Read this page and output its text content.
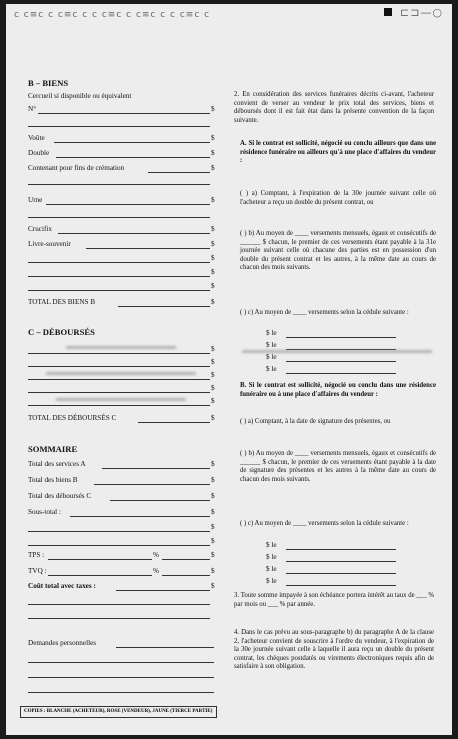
c c≡c c c≡c c c c≡c c c≡c c c c≡c c	⊏⊐—○
B – BIENS
Cercueil si disponible ou équivalent
N°	$
Voûte	$
Double	$
Contenant pour fins de crémation	$
Urne	$
Crucifix	$
Livre-souvenir	$
$
$
$
TOTAL DES BIENS B	$
C – DÉBOURSÉS
$
$
$
$
$
TOTAL DES DÉBOURSÉS C	$
SOMMAIRE
Total des services A	$
Total des biens B	$
Total des déboursés C	$
Sous-total :	$
$
$
TPS :	%	$
TVQ :	%	$
Coût total avec taxes :	$
Demandes personnelles
COPIES : BLANCHE (ACHETEUR), ROSE (VENDEUR), JAUNE (TIERCE PARTIE)
2. En considération des services funéraires décrits ci-avant, l'acheteur convient de verser au vendeur le prix total des services, biens et déboursés dont il est fait état dans la présente convention de la façon suivante.
A. Si le contrat est sollicité, négocié ou conclu ailleurs que dans une résidence funéraire ou ailleurs qu'à une place d'affaires du vendeur :
( ) a) Comptant, à l'expiration de la 30e journée suivant celle où l'acheteur a reçu un double du présent contrat, ou
( ) b) Au moyen de ____ versements mensuels, égaux et consécutifs de ______ $ chacun, le premier de ces versements étant payable à la 31e journée suivant celle où chacune des parties est en possession d'un double du présent contrat et les autres, à la même date au cours de chacun des mois suivants.
( ) c) Au moyen de ____ versements selon la cédule suivante :
$ le
$ le
$ le
$ le
B. Si le contrat est sollicité, négocié ou conclu dans une résidence funéraire ou à une place d'affaires du vendeur :
( ) a) Comptant, à la date de signature des présentes, ou
( ) b) Au moyen de ____ versements mensuels, égaux et consécutifs de ______ $ chacun, le premier de ces versements étant payable à la date de signature des présentes et les autres à la même date au cours de chacun des mois suivants.
( ) c) Au moyen de ____ versements selon la cédule suivante :
$ le
$ le
$ le
$ le
3. Toute somme impayée à son échéance portera intérêt au taux de ___ % par mois ou ___ % par année.
4. Dans le cas prévu au sous-paragraphe b) du paragraphe A de la clause 2, l'acheteur convient de souscrire à l'ordre du vendeur, à l'expiration de la 30e journée suivant celle à laquelle il aura reçu un double du présent contrat, les chèques postdatés ou virements électroniques requis afin de satisfaire à son obligation.
